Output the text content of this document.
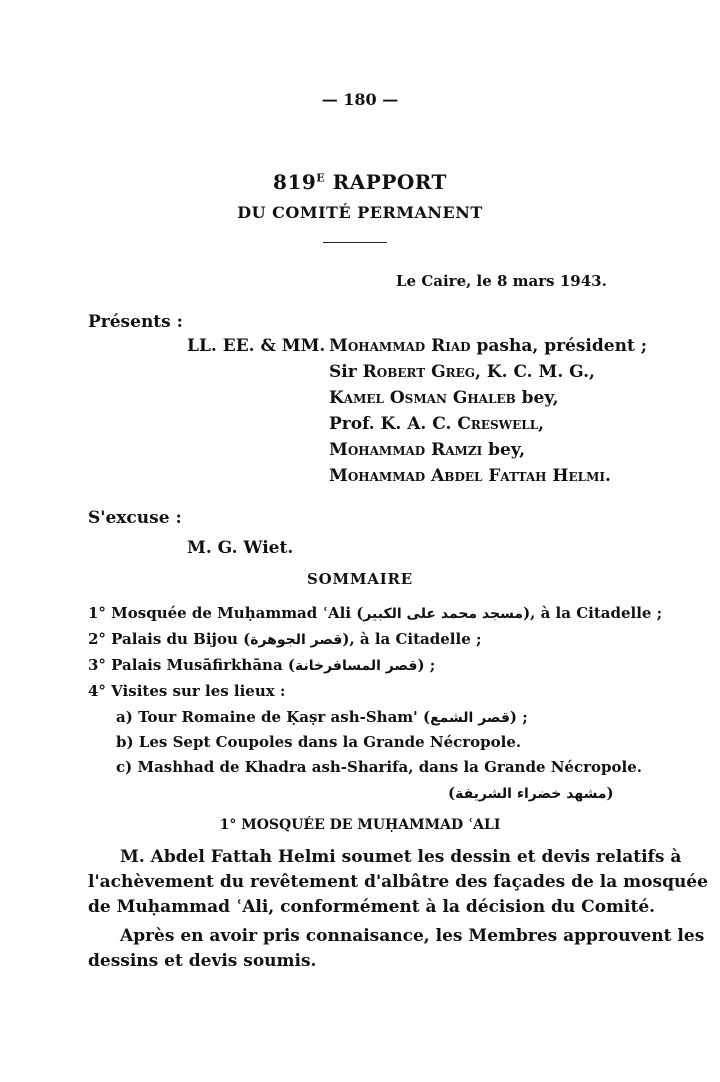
— 180 —
$819^E$ RAPPORT
DU COMITÉ PERMANENT
Le Caire, le 8 mars 1943.
Présents :
LL. EE. & MM. Mohammad Riad pasha, président ;
Sir Robert Greg, K. C. M. G.,
Kamel Osman Ghaleb bey,
Prof. K. A. C. Creswell,
Mohammad Ramzi bey,
Mohammad Abdel Fattah Helmi.
S'excuse :
M. G. Wiet.
SOMMAIRE
1° Mosquée de Muḥammad ʿAli (مسجد محمد على الكبير), à la Citadelle ;
2° Palais du Bijou (قصر الجوهرة), à la Citadelle ;
3° Palais Musāfirkhāna (قصر المسافرخانة) ;
4° Visites sur les lieux :
a) Tour Romaine de Ḳaṣr ash-Sham' (قصر الشمع) ;
b) Les Sept Coupoles dans la Grande Nécropole.
c) Mashhad de Khadra ash-Sharifa, dans la Grande Nécropole.
(مشهد خضراء الشريفة)
1° MOSQUÉE DE MUḤAMMAD ʿALI
M. Abdel Fattah Helmi soumet les dessin et devis relatifs à
l'achèvement du revêtement d'albâtre des façades de la mosquée
de Muḥammad ʿAli, conformément à la décision du Comité.
Après en avoir pris connaisance, les Membres approuvent les
dessins et devis soumis.
